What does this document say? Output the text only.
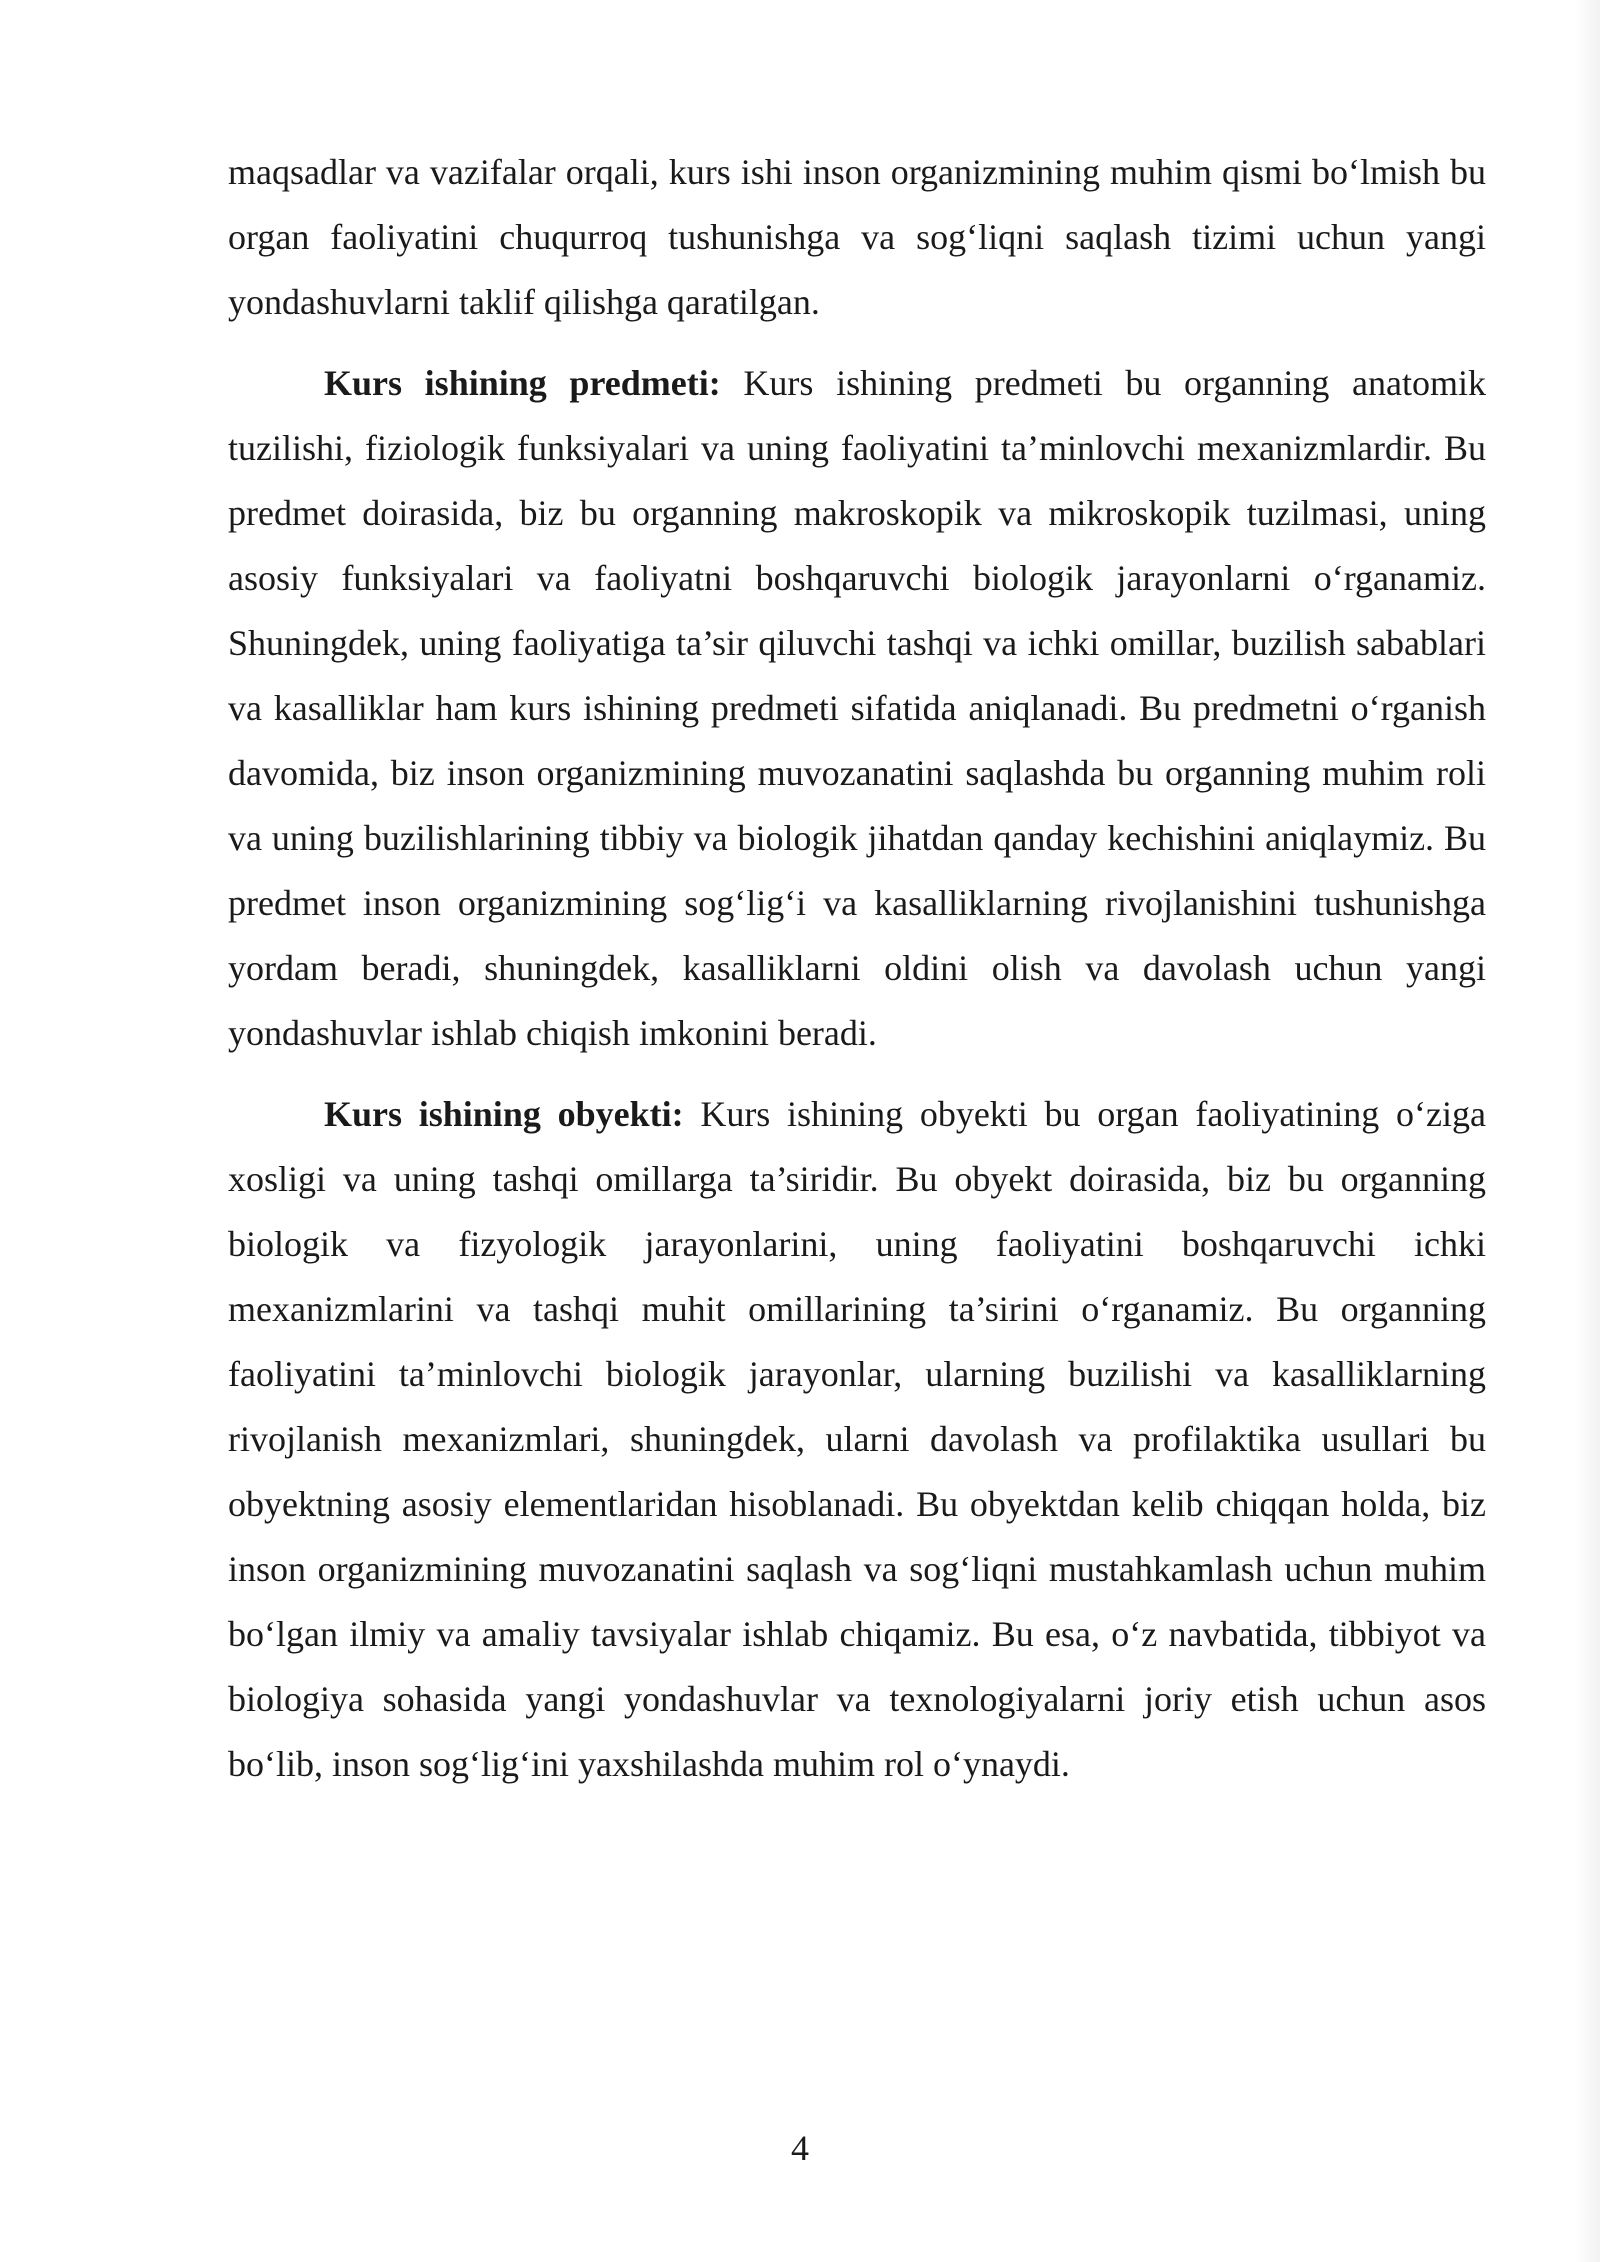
maqsadlar va vazifalar orqali, kurs ishi inson organizmining muhim qismi bo‘lmish bu organ faoliyatini chuqurroq tushunishga va sog‘liqni saqlash tizimi uchun yangi yondashuvlarni taklif qilishga qaratilgan.

Kurs ishining predmeti: Kurs ishining predmeti bu organning anatomik tuzilishi, fiziologik funksiyalari va uning faoliyatini ta’minlovchi mexanizmlardir. Bu predmet doirasida, biz bu organning makroskopik va mikroskopik tuzilmasi, uning asosiy funksiyalari va faoliyatni boshqaruvchi biologik jarayonlarni o‘rganamiz. Shuningdek, uning faoliyatiga ta’sir qiluvchi tashqi va ichki omillar, buzilish sabablari va kasalliklar ham kurs ishining predmeti sifatida aniqlanadi. Bu predmetni o‘rganish davomida, biz inson organizmining muvozanatini saqlashda bu organning muhim roli va uning buzilishlarining tibbiy va biologik jihatdan qanday kechishini aniqlaymiz. Bu predmet inson organizmining sog‘lig‘i va kasalliklarning rivojlanishini tushunishga yordam beradi, shuningdek, kasalliklarni oldini olish va davolash uchun yangi yondashuvlar ishlab chiqish imkonini beradi.

Kurs ishining obyekti: Kurs ishining obyekti bu organ faoliyatining o‘ziga xosligi va uning tashqi omillarga ta’siridir. Bu obyekt doirasida, biz bu organning biologik va fizyologik jarayonlarini, uning faoliyatini boshqaruvchi ichki mexanizmlarini va tashqi muhit omillarining ta’sirini o‘rganamiz. Bu organning faoliyatini ta’minlovchi biologik jarayonlar, ularning buzilishi va kasalliklarning rivojlanish mexanizmlari, shuningdek, ularni davolash va profilaktika usullari bu obyektning asosiy elementlaridan hisoblanadi. Bu obyektdan kelib chiqqan holda, biz inson organizmining muvozanatini saqlash va sog‘liqni mustahkamlash uchun muhim bo‘lgan ilmiy va amaliy tavsiyalar ishlab chiqamiz. Bu esa, o‘z navbatida, tibbiyot va biologiya sohasida yangi yondashuvlar va texnologiyalarni joriy etish uchun asos bo‘lib, inson sog‘lig‘ini yaxshilashda muhim rol o‘ynaydi.

4
